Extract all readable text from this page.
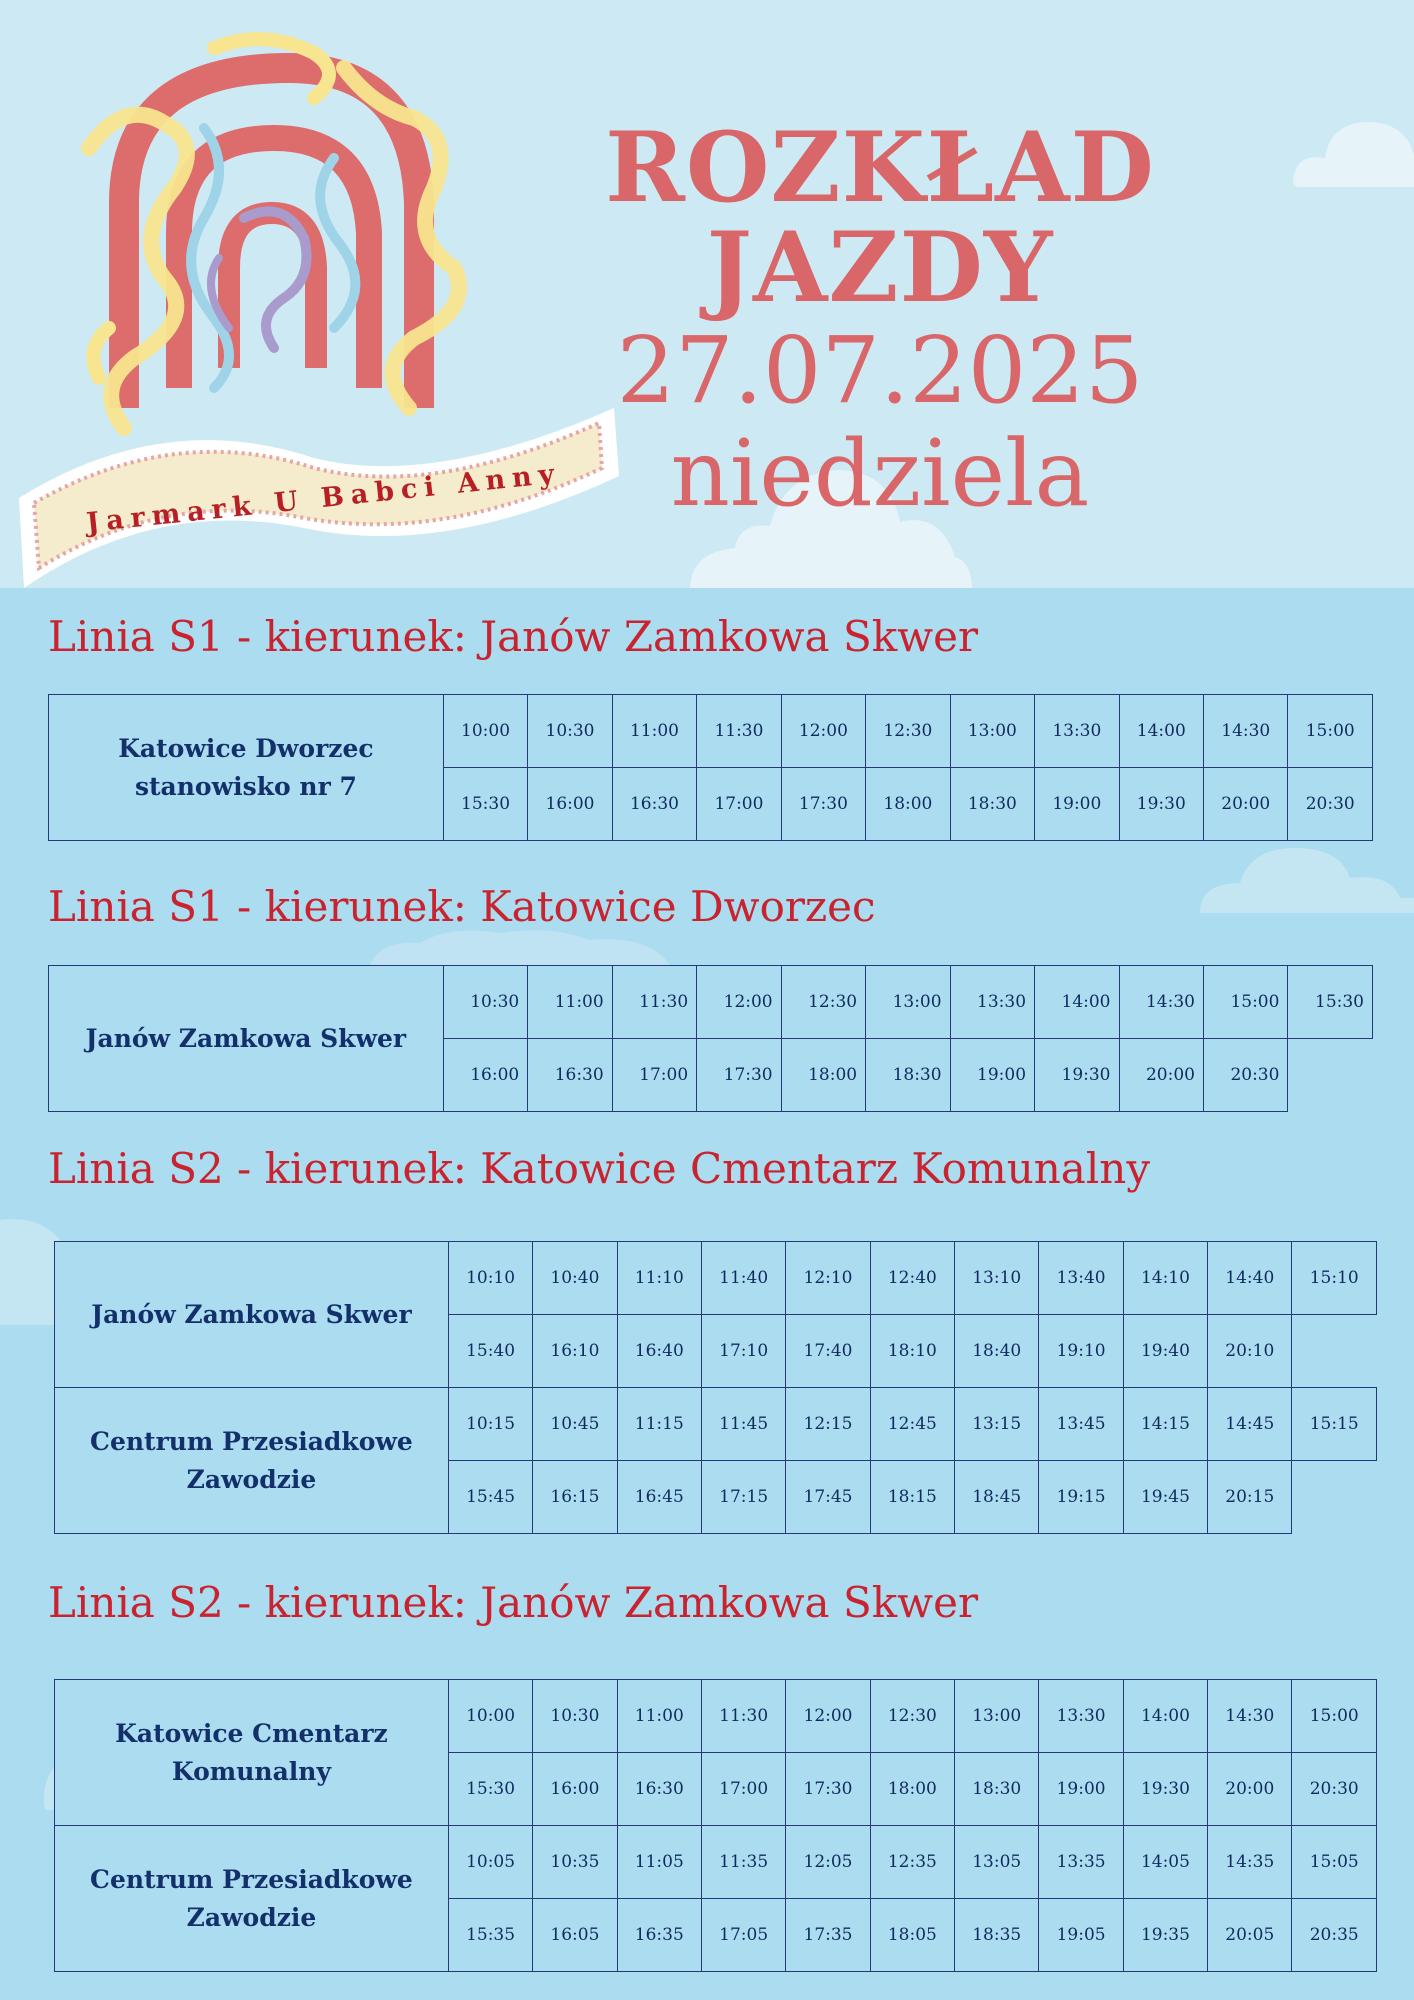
Jarmark U Babci Anny
ROZKŁAD JAZDY
27.07.2025
niedziela
Linia S1 - kierunek: Janów Zamkowa Skwer
Katowice Dworzec
stanowisko nr 7	10:00	10:30	11:00	11:30	12:00	12:30	13:00	13:30	14:00	14:30	15:00
	15:30	16:00	16:30	17:00	17:30	18:00	18:30	19:00	19:30	20:00	20:30
Linia S1 - kierunek: Katowice Dworzec
Janów Zamkowa Skwer	10:30	11:00	11:30	12:00	12:30	13:00	13:30	14:00	14:30	15:00	15:30
	16:00	16:30	17:00	17:30	18:00	18:30	19:00	19:30	20:00	20:30	
Linia S2 - kierunek: Katowice Cmentarz Komunalny
Janów Zamkowa Skwer	10:10	10:40	11:10	11:40	12:10	12:40	13:10	13:40	14:10	14:40	15:10
	15:40	16:10	16:40	17:10	17:40	18:10	18:40	19:10	19:40	20:10	

Centrum Przesiadkowe
Zawodzie	10:15	10:45	11:15	11:45	12:15	12:45	13:15	13:45	14:15	14:45	15:15
	15:45	16:15	16:45	17:15	17:45	18:15	18:45	19:15	19:45	20:15	
Linia S2 - kierunek: Janów Zamkowa Skwer
Katowice Cmentarz
Komunalny	10:00	10:30	11:00	11:30	12:00	12:30	13:00	13:30	14:00	14:30	15:00
	15:30	16:00	16:30	17:00	17:30	18:00	18:30	19:00	19:30	20:00	20:30

Centrum Przesiadkowe
Zawodzie	10:05	10:35	11:05	11:35	12:05	12:35	13:05	13:35	14:05	14:35	15:05
	15:35	16:05	16:35	17:05	17:35	18:05	18:35	19:05	19:35	20:05	20:35
